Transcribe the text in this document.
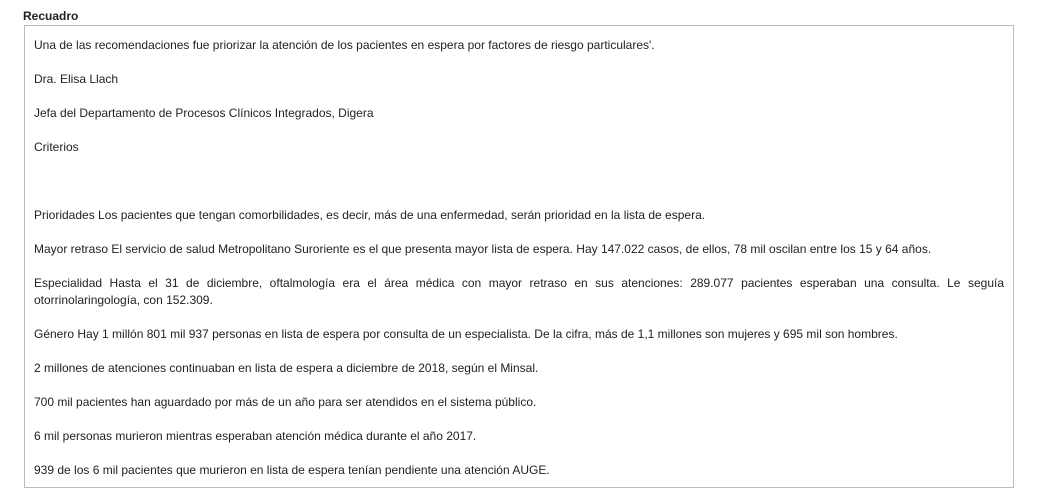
Recuadro

Una de las recomendaciones fue priorizar la atención de los pacientes en espera por factores de riesgo particulares'.

Dra. Elisa Llach

Jefa del Departamento de Procesos Clínicos Integrados, Digera

Criterios

Prioridades Los pacientes que tengan comorbilidades, es decir, más de una enfermedad, serán prioridad en la lista de espera.

Mayor retraso El servicio de salud Metropolitano Suroriente es el que presenta mayor lista de espera. Hay 147.022 casos, de ellos, 78 mil oscilan entre los 15 y 64 años.

Especialidad Hasta el 31 de diciembre, oftalmología era el área médica con mayor retraso en sus atenciones: 289.077 pacientes esperaban una consulta. Le seguía otorrinolaringología, con 152.309.

Género Hay 1 millón 801 mil 937 personas en lista de espera por consulta de un especialista. De la cifra, más de 1,1 millones son mujeres y 695 mil son hombres.

2 millones de atenciones continuaban en lista de espera a diciembre de 2018, según el Minsal.

700 mil pacientes han aguardado por más de un año para ser atendidos en el sistema público.

6 mil personas murieron mientras esperaban atención médica durante el año 2017.

939 de los 6 mil pacientes que murieron en lista de espera tenían pendiente una atención AUGE.
